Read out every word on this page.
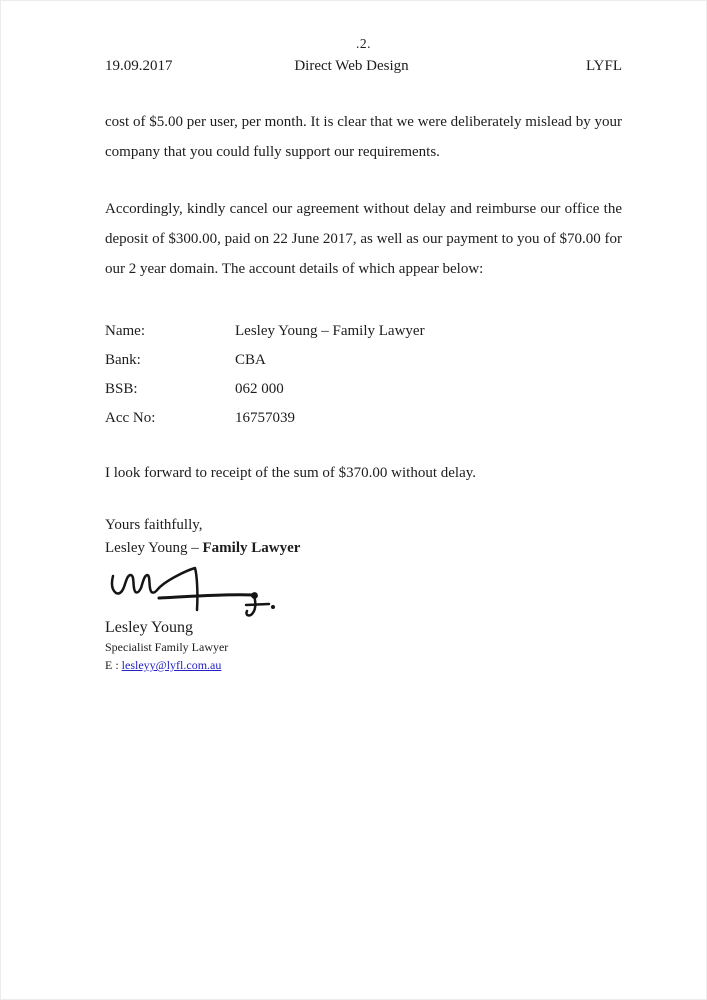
.2.
19.09.2017	Direct Web Design	LYFL

cost of $5.00 per user, per month. It is clear that we were deliberately mislead by your company that you could fully support our requirements.

Accordingly, kindly cancel our agreement without delay and reimburse our office the deposit of $300.00, paid on 22 June 2017, as well as our payment to you of $70.00 for our 2 year domain. The account details of which appear below:

Name:	Lesley Young – Family Lawyer
Bank:	CBA
BSB:	062 000
Acc No:	16757039

I look forward to receipt of the sum of $370.00 without delay.

Yours faithfully,
Lesley Young – Family Lawyer
Lesley Young
Specialist Family Lawyer
E : lesleyy@lyfl.com.au
